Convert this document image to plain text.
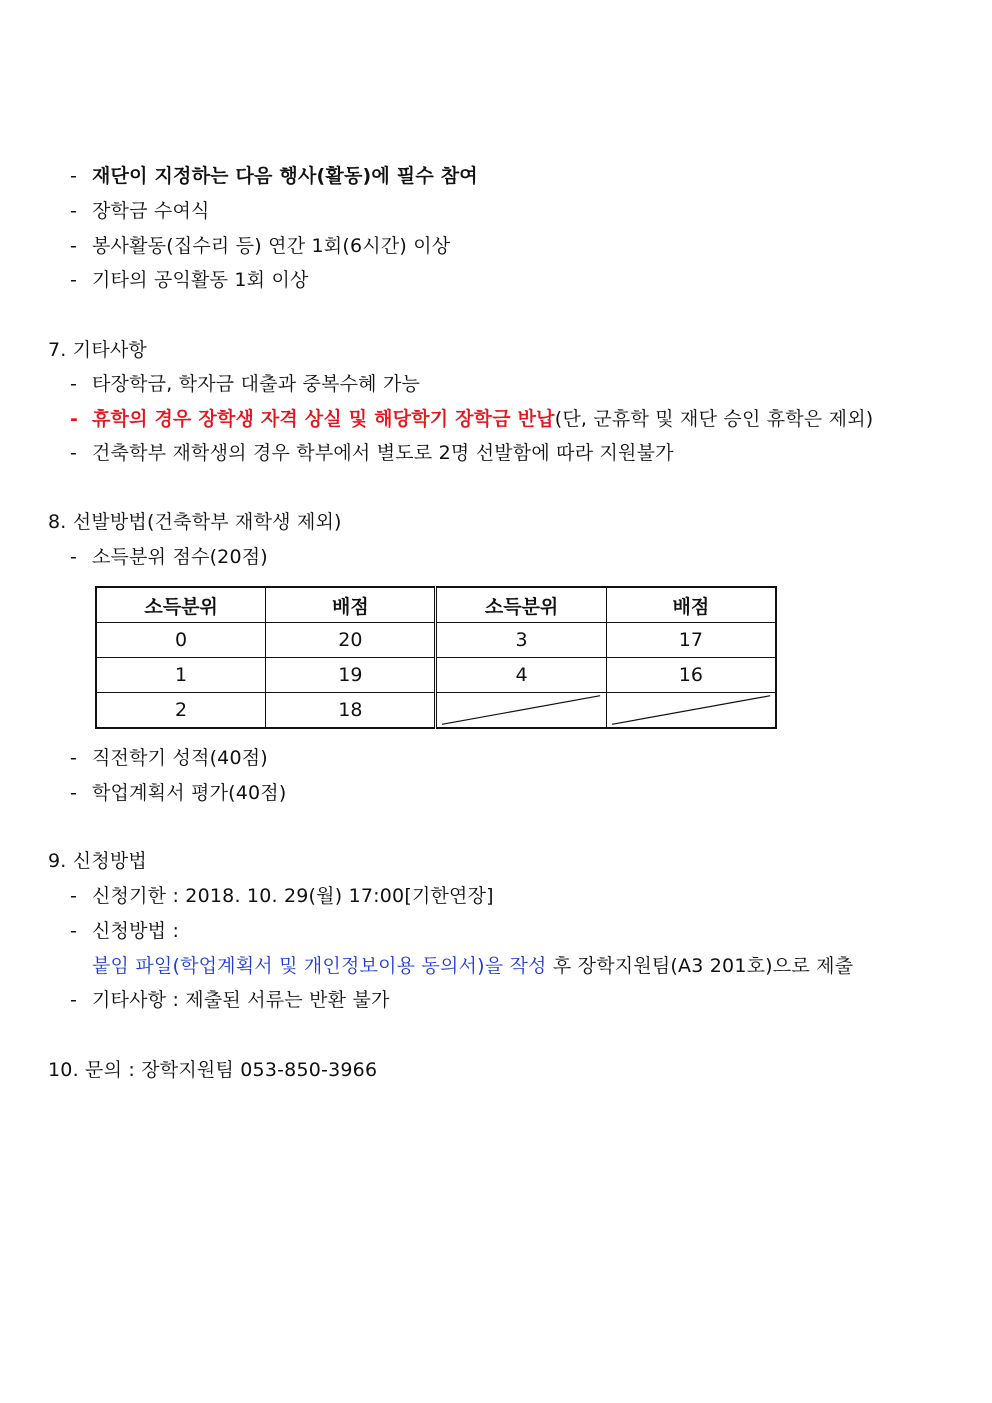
- 재단이 지정하는 다음 행사(활동)에 필수 참여
- 장학금 수여식
- 봉사활동(집수리 등) 연간 1회(6시간) 이상
- 기타의 공익활동 1회 이상
7. 기타사항
- 타장학금, 학자금 대출과 중복수혜 가능
- 휴학의 경우 장학생 자격 상실 및 해당학기 장학금 반납(단, 군휴학 및 재단 승인 휴학은 제외)
- 건축학부 재학생의 경우 학부에서 별도로 2명 선발함에 따라 지원불가
8. 선발방법(건축학부 재학생 제외)
- 소득분위 점수(20점)
소득분위	배점	소득분위	배점
0	20	3	17
1	19	4	16
2	18	

- 직전학기 성적(40점)
- 학업계획서 평가(40점)
9. 신청방법
- 신청기한 : 2018. 10. 29(월) 17:00[기한연장]
- 신청방법 :
붙임 파일(학업계획서 및 개인정보이용 동의서)을 작성 후 장학지원팀(A3 201호)으로 제출
- 기타사항 : 제출된 서류는 반환 불가
10. 문의 : 장학지원팀 053-850-3966
